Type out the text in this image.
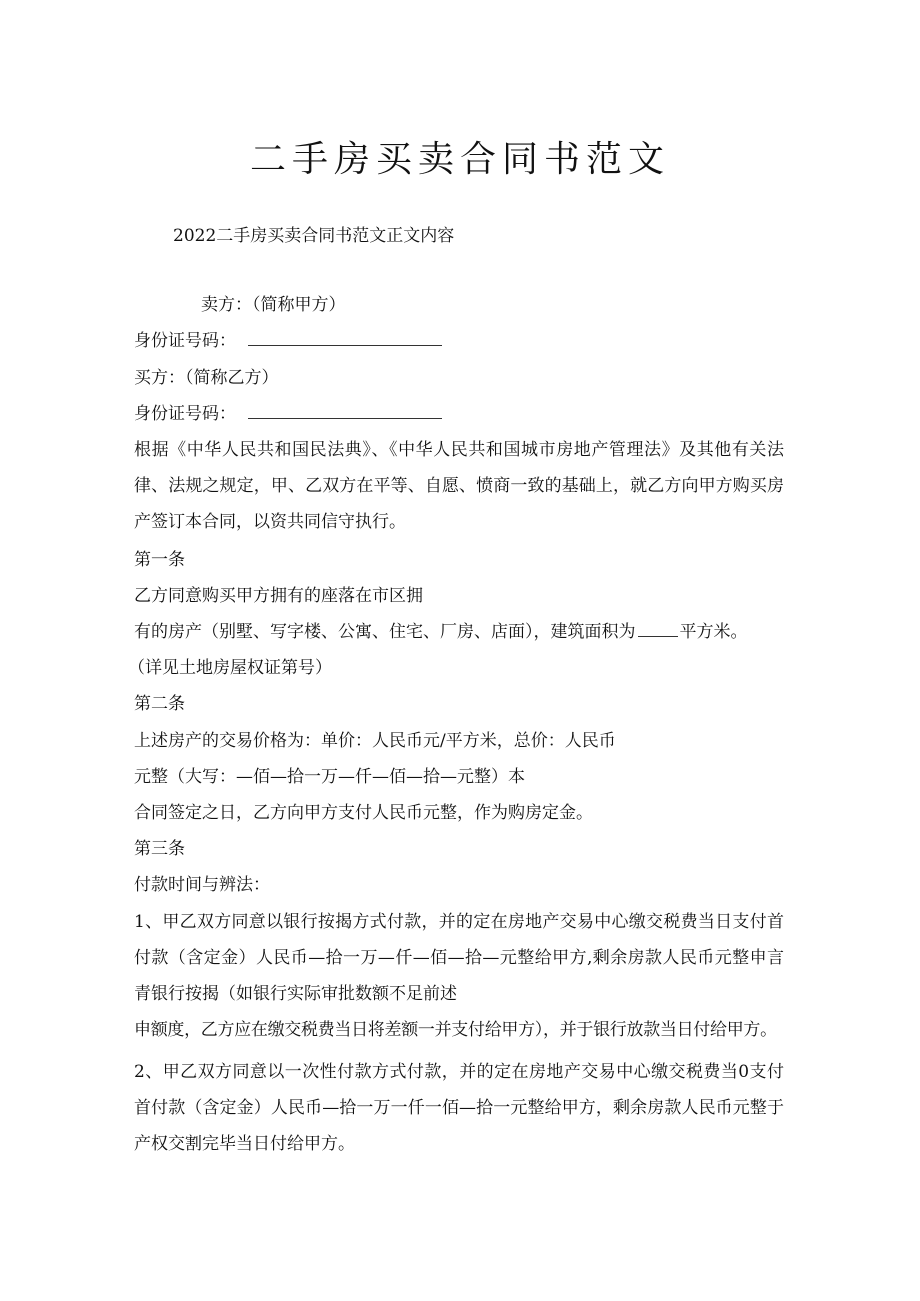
二手房买卖合同书范文
2022二手房买卖合同书范文正文内容
卖方：（简称甲方）
身份证号码：
买方：（简称乙方）
身份证号码：
根据《中华人民共和国民法典》、《中华人民共和国城市房地产管理法》及其他有关法律、法规之规定，甲、乙双方在平等、自愿、愤商一致的基础上，就乙方向甲方购买房产签订本合同，以资共同信守执行。
第一条
乙方同意购买甲方拥有的座落在市区拥
有的房产（别墅、写字楼、公寓、住宅、厂房、店面），建筑面积为	平方米。
（详见土地房屋权证第号）
第二条
上述房产的交易价格为：单价：人民币元/平方米，总价：人民币
元整（大写：—佰—拾一万—仟—佰—拾—元整）本
合同签定之日，乙方向甲方支付人民币元整，作为购房定金。
第三条
付款时间与辨法：
1、甲乙双方同意以银行按揭方式付款，并的定在房地产交易中心缴交税费当日支付首付款（含定金）人民币—拾一万—仟—佰—拾—元整给甲方,剩余房款人民币元整申言青银行按揭（如银行实际审批数额不足前述
申额度，乙方应在缴交税费当日将差额一并支付给甲方），并于银行放款当日付给甲方。
2、甲乙双方同意以一次性付款方式付款，并的定在房地产交易中心缴交税费当0支付首付款（含定金）人民币—拾一万一仟一佰—拾一元整给甲方，剩余房款人民币元整于产权交割完毕当日付给甲方。
